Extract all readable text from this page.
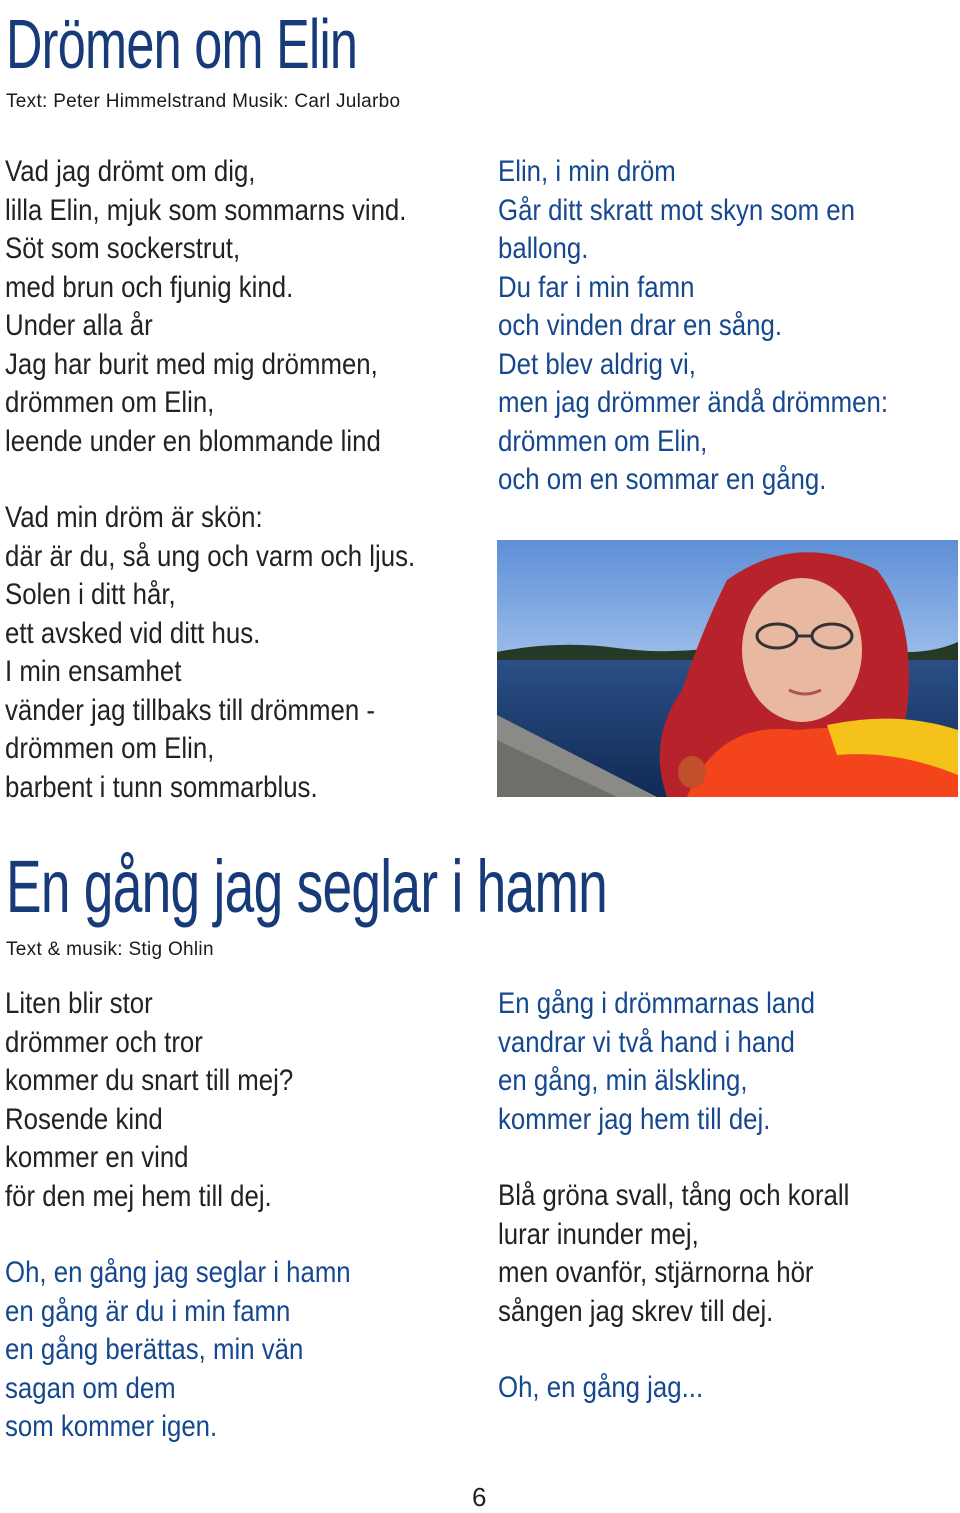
Drömen om Elin
Text: Peter Himmelstrand Musik: Carl Jularbo
Vad jag drömt om dig,
lilla Elin, mjuk som sommarns vind.
Söt som sockerstrut,
med brun och fjunig kind.
Under alla år
Jag har burit med mig drömmen,
drömmen om Elin,
leende under en blommande lind
Vad min dröm är skön:
där är du, så ung och varm och ljus.
Solen i ditt hår,
ett avsked vid ditt hus.
I min ensamhet
vänder jag tillbaks till drömmen -
drömmen om Elin,
barbent i tunn sommarblus.
Elin, i min dröm
Går ditt skratt mot skyn som en
ballong.
Du far i min famn
och vinden drar en sång.
Det blev aldrig vi,
men jag drömmer ändå drömmen:
drömmen om Elin,
och om en sommar en gång.
En gång jag seglar i hamn
Text & musik: Stig Ohlin
Liten blir stor
drömmer och tror
kommer du snart till mej?
Rosende kind
kommer en vind
för den mej hem till dej.
Oh, en gång jag seglar i hamn
en gång är du i min famn
en gång berättas, min vän
sagan om dem
som kommer igen.
En gång i drömmarnas land
vandrar vi två hand i hand
en gång, min älskling,
kommer jag hem till dej.
Blå gröna svall, tång och korall
lurar inunder mej,
men ovanför, stjärnorna hör
sången jag skrev till dej.
Oh, en gång jag...
6
